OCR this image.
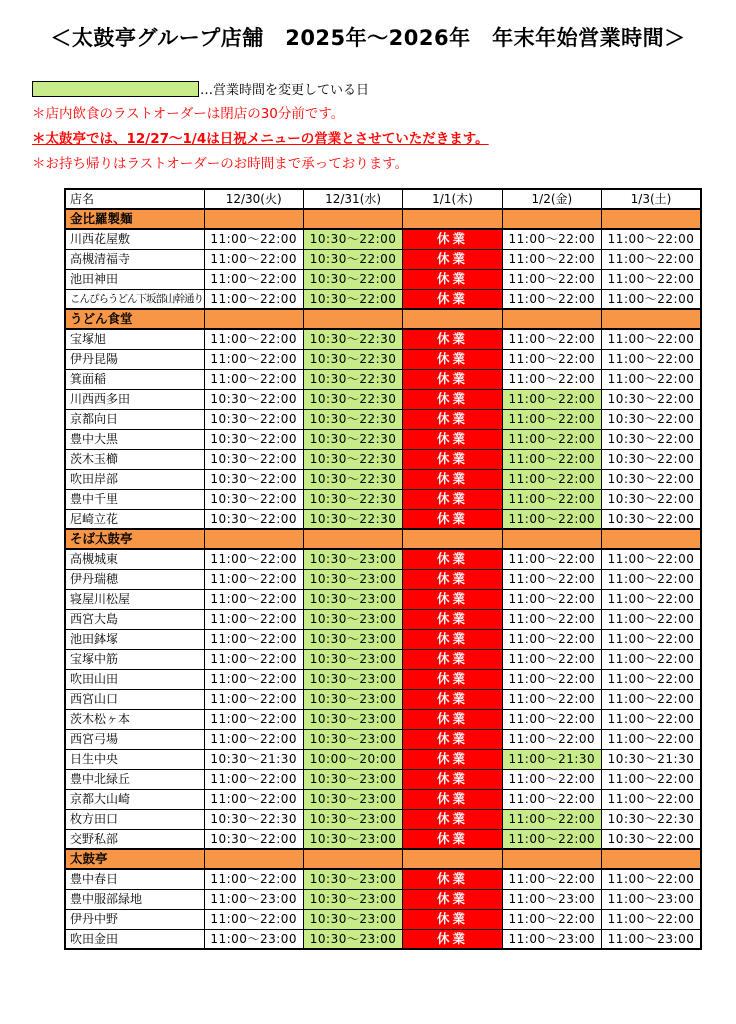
＜太鼓亭グループ店舗　2025年～2026年　年末年始営業時間＞
…営業時間を変更している日
＊店内飲食のラストオーダーは閉店の30分前です。
＊太鼓亭では、12/27～1/4は日祝メニューの営業とさせていただきます。
＊お持ち帰りはラストオーダーのお時間まで承っております。
店名	12/30(火)	12/31(水)	1/1(木)	1/2(金)	1/3(土)
金比羅製麺					
川西花屋敷	11:00～22:00	10:30～22:00	休業	11:00～22:00	11:00～22:00
高槻清福寺	11:00～22:00	10:30～22:00	休業	11:00～22:00	11:00～22:00
池田神田	11:00～22:00	10:30～22:00	休業	11:00～22:00	11:00～22:00
こんぴらうどん下坂部山幹通り	11:00～22:00	10:30～22:00	休業	11:00～22:00	11:00～22:00
うどん食堂					
宝塚旭	11:00～22:00	10:30～22:30	休業	11:00～22:00	11:00～22:00
伊丹昆陽	11:00～22:00	10:30～22:30	休業	11:00～22:00	11:00～22:00
箕面稲	11:00～22:00	10:30～22:30	休業	11:00～22:00	11:00～22:00
川西西多田	10:30～22:00	10:30～22:30	休業	11:00～22:00	10:30～22:00
京都向日	10:30～22:00	10:30～22:30	休業	11:00～22:00	10:30～22:00
豊中大黒	10:30～22:00	10:30～22:30	休業	11:00～22:00	10:30～22:00
茨木玉櫛	10:30～22:00	10:30～22:30	休業	11:00～22:00	10:30～22:00
吹田岸部	10:30～22:00	10:30～22:30	休業	11:00～22:00	10:30～22:00
豊中千里	10:30～22:00	10:30～22:30	休業	11:00～22:00	10:30～22:00
尼崎立花	10:30～22:00	10:30～22:30	休業	11:00～22:00	10:30～22:00
そば太鼓亭					
高槻城東	11:00～22:00	10:30～23:00	休業	11:00～22:00	11:00～22:00
伊丹瑞穂	11:00～22:00	10:30～23:00	休業	11:00～22:00	11:00～22:00
寝屋川松屋	11:00～22:00	10:30～23:00	休業	11:00～22:00	11:00～22:00
西宮大島	11:00～22:00	10:30～23:00	休業	11:00～22:00	11:00～22:00
池田鉢塚	11:00～22:00	10:30～23:00	休業	11:00～22:00	11:00～22:00
宝塚中筋	11:00～22:00	10:30～23:00	休業	11:00～22:00	11:00～22:00
吹田山田	11:00～22:00	10:30～23:00	休業	11:00～22:00	11:00～22:00
西宮山口	11:00～22:00	10:30～23:00	休業	11:00～22:00	11:00～22:00
茨木松ヶ本	11:00～22:00	10:30～23:00	休業	11:00～22:00	11:00～22:00
西宮弓場	11:00～22:00	10:30～23:00	休業	11:00～22:00	11:00～22:00
日生中央	10:30～21:30	10:00～20:00	休業	11:00～21:30	10:30～21:30
豊中北緑丘	11:00～22:00	10:30～23:00	休業	11:00～22:00	11:00～22:00
京都大山崎	11:00～22:00	10:30～23:00	休業	11:00～22:00	11:00～22:00
枚方田口	10:30～22:30	10:30～23:00	休業	11:00～22:00	10:30～22:30
交野私部	10:30～22:00	10:30～23:00	休業	11:00～22:00	10:30～22:00
太鼓亭					
豊中春日	11:00～22:00	10:30～23:00	休業	11:00～22:00	11:00～22:00
豊中服部緑地	11:00～23:00	10:30～23:00	休業	11:00～23:00	11:00～23:00
伊丹中野	11:00～22:00	10:30～23:00	休業	11:00～22:00	11:00～22:00
吹田金田	11:00～23:00	10:30～23:00	休業	11:00～23:00	11:00～23:00
